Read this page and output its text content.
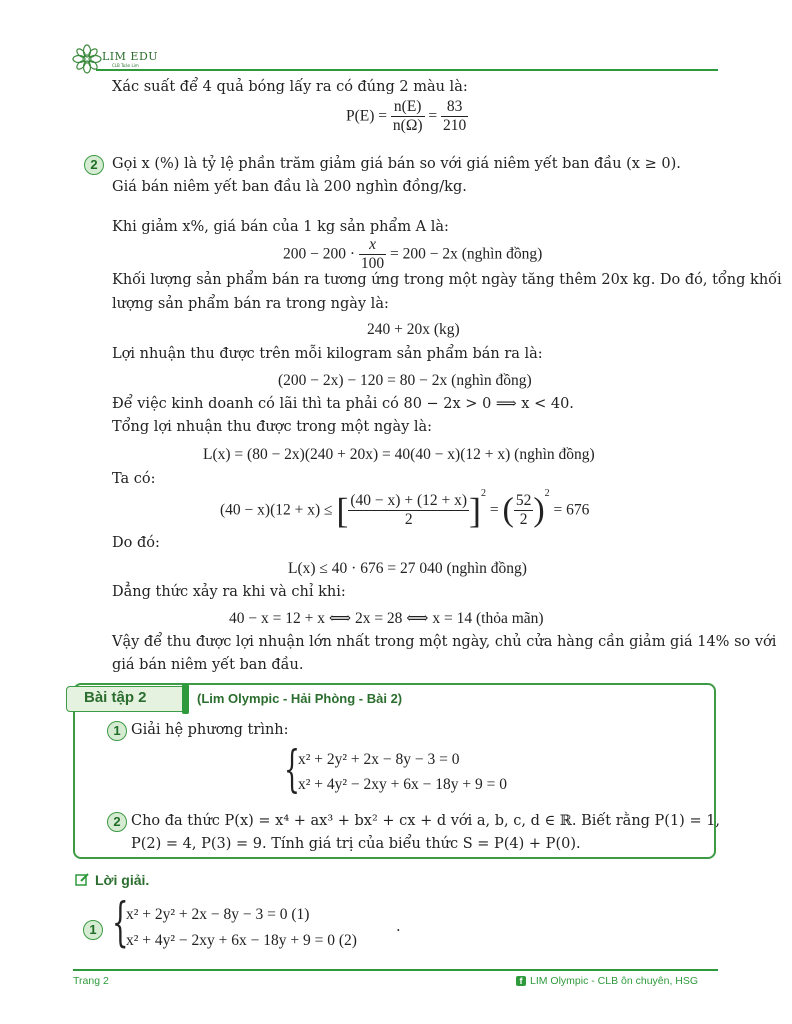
LIM EDU
CLB Toán Lim
Xác suất để 4 quả bóng lấy ra có đúng 2 màu là:
$P(E) = \frac{n(E)}{n(\Omega)} = \frac{83}{210}$
2 Gọi x (%) là tỷ lệ phần trăm giảm giá bán so với giá niêm yết ban đầu (x ≥ 0).
Giá bán niêm yết ban đầu là 200 nghìn đồng/kg.
Khi giảm x%, giá bán của 1 kg sản phẩm A là:
$200 - 200 \cdot \frac{x}{100} = 200 - 2x$ (nghìn đồng)
Khối lượng sản phẩm bán ra tương ứng trong một ngày tăng thêm 20x kg. Do đó, tổng khối
lượng sản phẩm bán ra trong ngày là:
240 + 20x (kg)
Lợi nhuận thu được trên mỗi kilogram sản phẩm bán ra là:
(200 − 2x) − 120 = 80 − 2x (nghìn đồng)
Để việc kinh doanh có lãi thì ta phải có 80 − 2x > 0 ⟹ x < 40.
Tổng lợi nhuận thu được trong một ngày là:
L(x) = (80 − 2x)(240 + 20x) = 40(40 − x)(12 + x) (nghìn đồng)
Ta có:
(40 − x)(12 + x) ≤ [ $\frac{(40 - x) + (12 + x)}{2} ]^2$ = ( $\frac{52}{2} )^2 = 676$
Do đó:
L(x) ≤ 40 · 676 = 27 040 (nghìn đồng)
Dẳng thức xảy ra khi và chỉ khi:
40 − x = 12 + x ⟺ 2x = 28 ⟺ x = 14 (thỏa mãn)
Vậy để thu được lợi nhuận lớn nhất trong một ngày, chủ cửa hàng cần giảm giá 14% so với
giá bán niêm yết ban đầu.
Bài tập 2	(Lim Olympic - Hải Phòng - Bài 2)
1 Giải hệ phương trình:
{
x² + 2y² + 2x − 8y − 3 = 0
x² + 4y² − 2xy + 6x − 18y + 9 = 0
2 Cho đa thức P(x) = x⁴ + ax³ + bx² + cx + d với a, b, c, d ∈ ℝ. Biết rằng P(1) = 1,
P(2) = 4, P(3) = 9. Tính giá trị của biểu thức S = P(4) + P(0).
Lời giải.
1 {
x² + 2y² + 2x − 8y − 3 = 0 (1)
x² + 4y² − 2xy + 6x − 18y + 9 = 0 (2)
.
Trang 2	f LIM Olympic - CLB ôn chuyên, HSG
